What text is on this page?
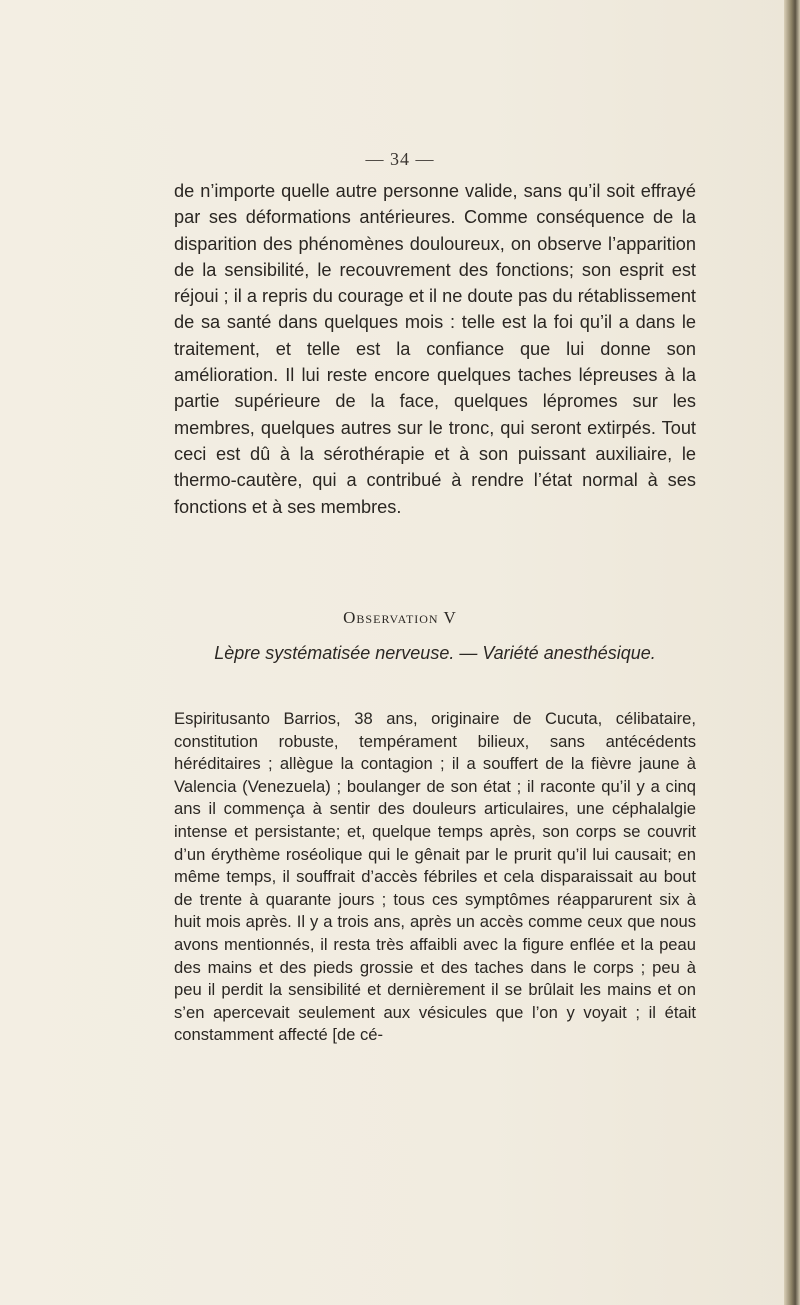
— 34 —

de n’importe quelle autre personne valide, sans qu’il soit effrayé par ses déformations antérieures. Comme conséquence de la disparition des phénomènes douloureux, on observe l’apparition de la sensibilité, le recouvrement des fonctions; son esprit est réjoui ; il a repris du courage et il ne doute pas du rétablissement de sa santé dans quelques mois : telle est la foi qu’il a dans le traitement, et telle est la confiance que lui donne son amélioration. Il lui reste encore quelques taches lépreuses à la partie supérieure de la face, quelques lépromes sur les membres, quelques autres sur le tronc, qui seront extirpés. Tout ceci est dû à la sérothérapie et à son puissant auxiliaire, le thermo-cautère, qui a contribué à rendre l’état normal à ses fonctions et à ses membres.

Observation V
Lèpre systématisée nerveuse. — Variété anesthésique.

Espiritusanto Barrios, 38 ans, originaire de Cucuta, célibataire, constitution robuste, tempérament bilieux, sans antécédents héréditaires ; allègue la contagion ; il a souffert de la fièvre jaune à Valencia (Venezuela) ; boulanger de son état ; il raconte qu’il y a cinq ans il commença à sentir des douleurs articulaires, une céphalalgie intense et persistante; et, quelque temps après, son corps se couvrit d’un érythème roséolique qui le gênait par le prurit qu’il lui causait; en même temps, il souffrait d’accès fébriles et cela disparaissait au bout de trente à quarante jours ; tous ces symptômes réapparurent six à huit mois après. Il y a trois ans, après un accès comme ceux que nous avons mentionnés, il resta très affaibli avec la figure enflée et la peau des mains et des pieds grossie et des taches dans le corps ; peu à peu il perdit la sensibilité et dernièrement il se brûlait les mains et on s’en apercevait seulement aux vésicules que l’on y voyait ; il était constamment affecté [de cé-
